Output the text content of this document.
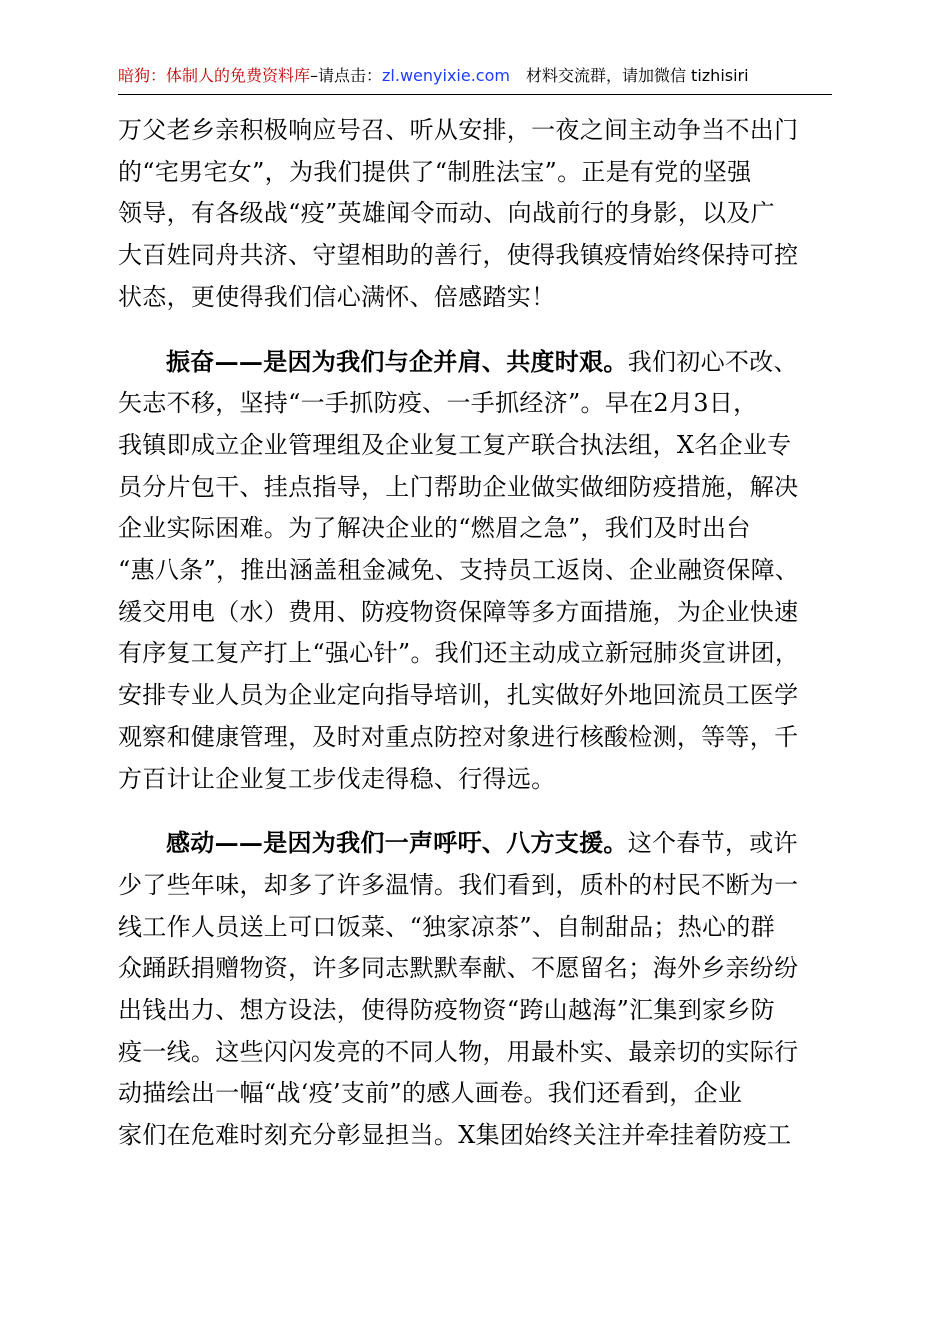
暗狗：体制人的免费资料库–请点击：zl.wenyixie.com 材料交流群，请加微信 tizhisiri
万父老乡亲积极响应号召、听从安排，一夜之间主动争当不出门
的“宅男宅女”，为我们提供了“制胜法宝”。正是有党的坚强
领导，有各级战“疫”英雄闻令而动、向战前行的身影，以及广
大百姓同舟共济、守望相助的善行，使得我镇疫情始终保持可控
状态，更使得我们信心满怀、倍感踏实！
振奋——是因为我们与企并肩、共度时艰。我们初心不改、
矢志不移，坚持“一手抓防疫、一手抓经济”。早在2月3日，
我镇即成立企业管理组及企业复工复产联合执法组，X名企业专
员分片包干、挂点指导，上门帮助企业做实做细防疫措施，解决
企业实际困难。为了解决企业的“燃眉之急”，我们及时出台
“惠八条”，推出涵盖租金减免、支持员工返岗、企业融资保障、
缓交用电（水）费用、防疫物资保障等多方面措施，为企业快速
有序复工复产打上“强心针”。我们还主动成立新冠肺炎宣讲团，
安排专业人员为企业定向指导培训，扎实做好外地回流员工医学
观察和健康管理，及时对重点防控对象进行核酸检测，等等，千
方百计让企业复工步伐走得稳、行得远。
感动——是因为我们一声呼吁、八方支援。这个春节，或许
少了些年味，却多了许多温情。我们看到，质朴的村民不断为一
线工作人员送上可口饭菜、“独家凉茶”、自制甜品；热心的群
众踊跃捐赠物资，许多同志默默奉献、不愿留名；海外乡亲纷纷
出钱出力、想方设法，使得防疫物资“跨山越海”汇集到家乡防
疫一线。这些闪闪发亮的不同人物，用最朴实、最亲切的实际行
动描绘出一幅“战‘疫’支前”的感人画卷。我们还看到，企业
家们在危难时刻充分彰显担当。X集团始终关注并牵挂着防疫工
